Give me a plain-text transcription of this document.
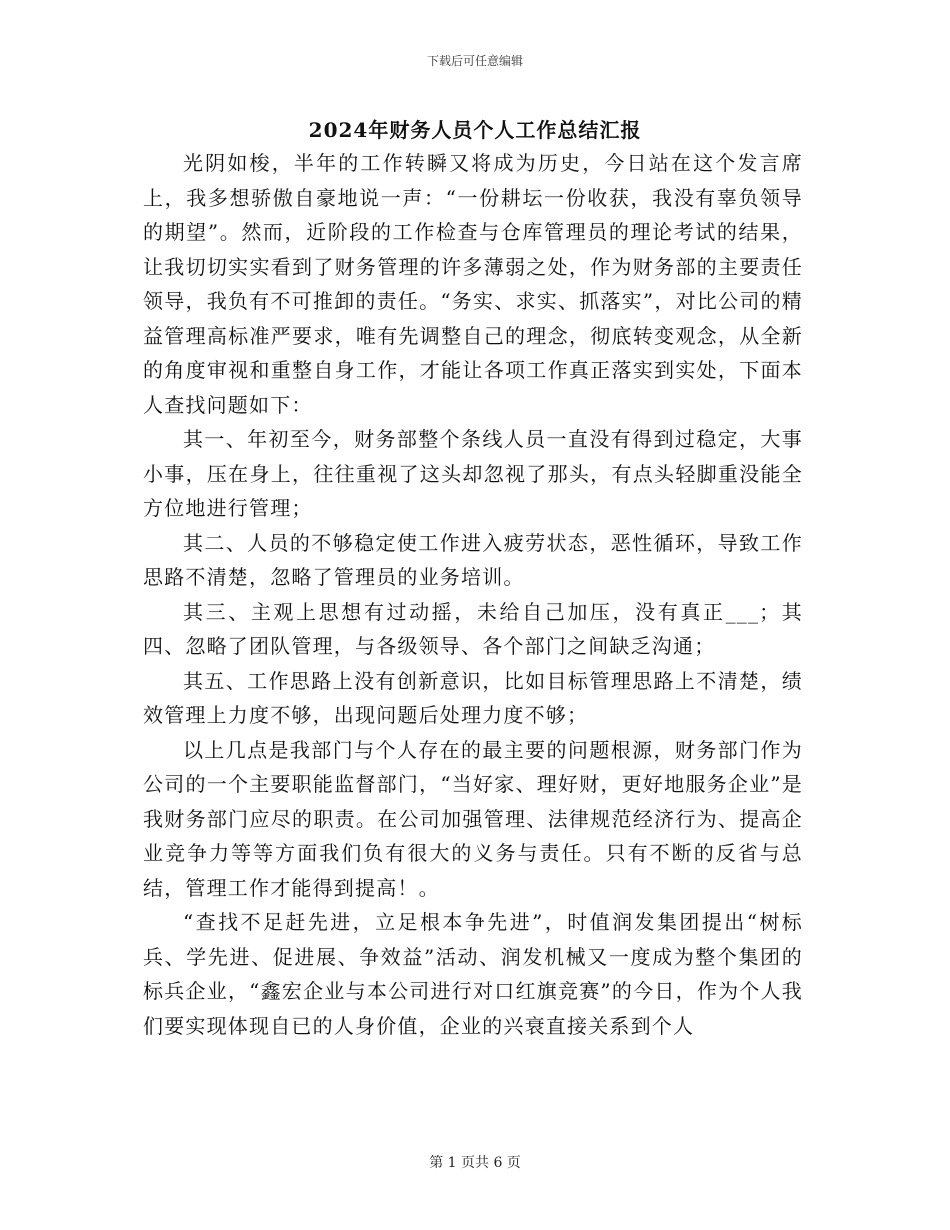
下载后可任意编辑
2024年财务人员个人工作总结汇报

光阴如梭，半年的工作转瞬又将成为历史，今日站在这个发言席上，我多想骄傲自豪地说一声：“一份耕坛一份收获，我没有辜负领导的期望”。然而，近阶段的工作检查与仓库管理员的理论考试的结果，让我切切实实看到了财务管理的许多薄弱之处，作为财务部的主要责任领导，我负有不可推卸的责任。“务实、求实、抓落实”，对比公司的精益管理高标准严要求，唯有先调整自己的理念，彻底转变观念，从全新的角度审视和重整自身工作，才能让各项工作真正落实到实处，下面本人查找问题如下：

其一、年初至今，财务部整个条线人员一直没有得到过稳定，大事小事，压在身上，往往重视了这头却忽视了那头，有点头轻脚重没能全方位地进行管理；

其二、人员的不够稳定使工作进入疲劳状态，恶性循环，导致工作思路不清楚，忽略了管理员的业务培训。

其三、主观上思想有过动摇，未给自己加压，没有真正___；其四、忽略了团队管理，与各级领导、各个部门之间缺乏沟通；

其五、工作思路上没有创新意识，比如目标管理思路上不清楚，绩效管理上力度不够，出现问题后处理力度不够；

以上几点是我部门与个人存在的最主要的问题根源，财务部门作为公司的一个主要职能监督部门，“当好家、理好财，更好地服务企业”是我财务部门应尽的职责。在公司加强管理、法律规范经济行为、提高企业竞争力等等方面我们负有很大的义务与责任。只有不断的反省与总结，管理工作才能得到提高！。

“查找不足赶先进，立足根本争先进”，时值润发集团提出“树标兵、学先进、促进展、争效益”活动、润发机械又一度成为整个集团的标兵企业，“鑫宏企业与本公司进行对口红旗竞赛”的今日，作为个人我们要实现体现自已的人身价值，企业的兴衰直接关系到个人

第 1 页共 6 页
